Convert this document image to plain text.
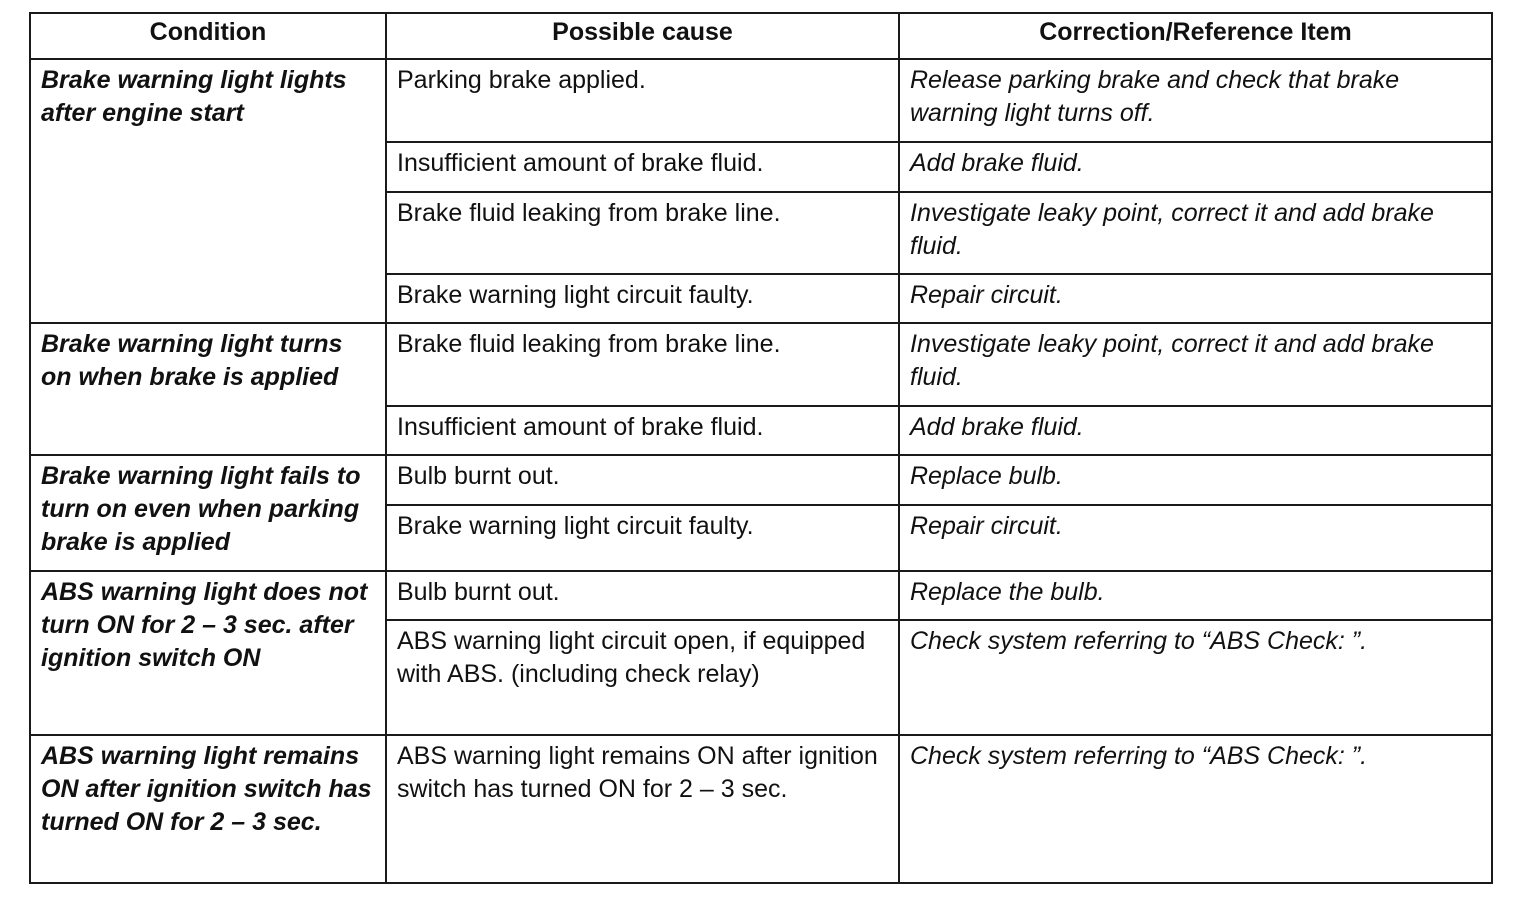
Condition	Possible cause	Correction/Reference Item
Brake warning light lights after engine start	Parking brake applied.	Release parking brake and check that brake warning light turns off.
	Insufficient amount of brake fluid.	Add brake fluid.
	Brake fluid leaking from brake line.	Investigate leaky point, correct it and add brake fluid.
	Brake warning light circuit faulty.	Repair circuit.
Brake warning light turns on when brake is applied	Brake fluid leaking from brake line.	Investigate leaky point, correct it and add brake fluid.
	Insufficient amount of brake fluid.	Add brake fluid.
Brake warning light fails to turn on even when parking brake is applied	Bulb burnt out.	Replace bulb.
	Brake warning light circuit faulty.	Repair circuit.
ABS warning light does not turn ON for 2 – 3 sec. after ignition switch ON	Bulb burnt out.	Replace the bulb.
	ABS warning light circuit open, if equipped with ABS. (including check relay)	Check system referring to “ABS Check: ”.
ABS warning light remains ON after ignition switch has turned ON for 2 – 3 sec.	ABS warning light remains ON after ignition switch has turned ON for 2 – 3 sec.	Check system referring to “ABS Check: ”.
